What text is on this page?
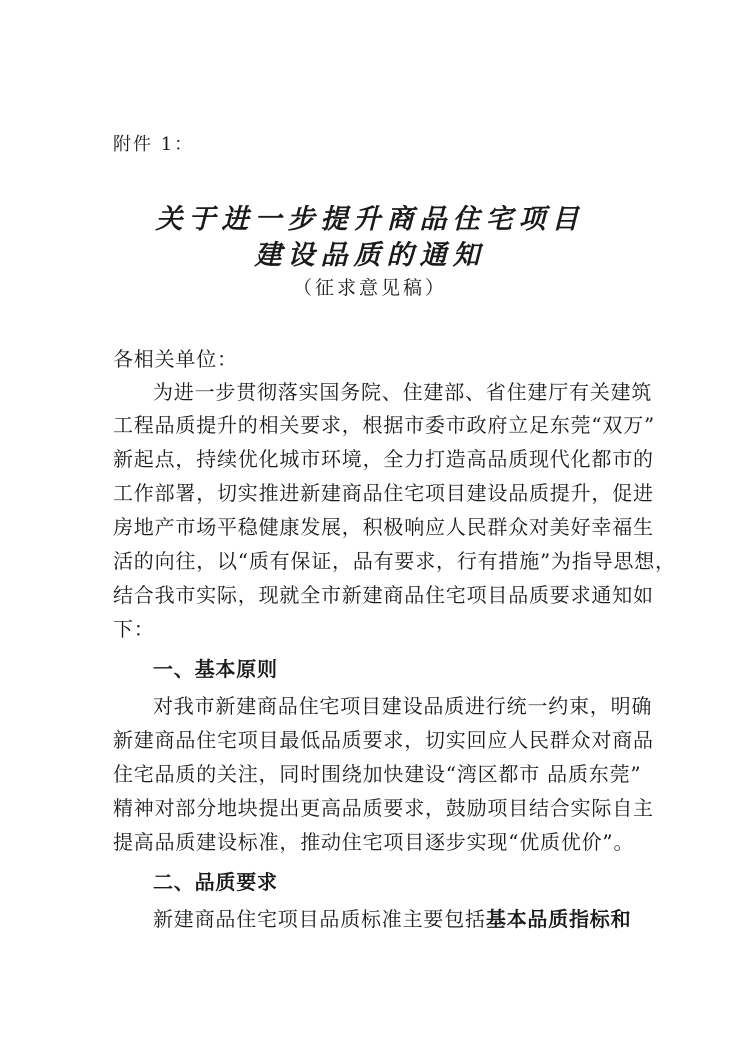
附件 1：
关于进一步提升商品住宅项目
建设品质的通知
（征求意见稿）
各相关单位：
为进一步贯彻落实国务院、住建部、省住建厅有关建筑
工程品质提升的相关要求，根据市委市政府立足东莞“双万”
新起点，持续优化城市环境，全力打造高品质现代化都市的
工作部署，切实推进新建商品住宅项目建设品质提升，促进
房地产市场平稳健康发展，积极响应人民群众对美好幸福生
活的向往，以“质有保证，品有要求，行有措施”为指导思想，
结合我市实际，现就全市新建商品住宅项目品质要求通知如
下：
一、基本原则
对我市新建商品住宅项目建设品质进行统一约束，明确
新建商品住宅项目最低品质要求，切实回应人民群众对商品
住宅品质的关注，同时围绕加快建设“湾区都市 品质东莞”
精神对部分地块提出更高品质要求，鼓励项目结合实际自主
提高品质建设标准，推动住宅项目逐步实现“优质优价”。
二、品质要求
新建商品住宅项目品质标准主要包括基本品质指标和
